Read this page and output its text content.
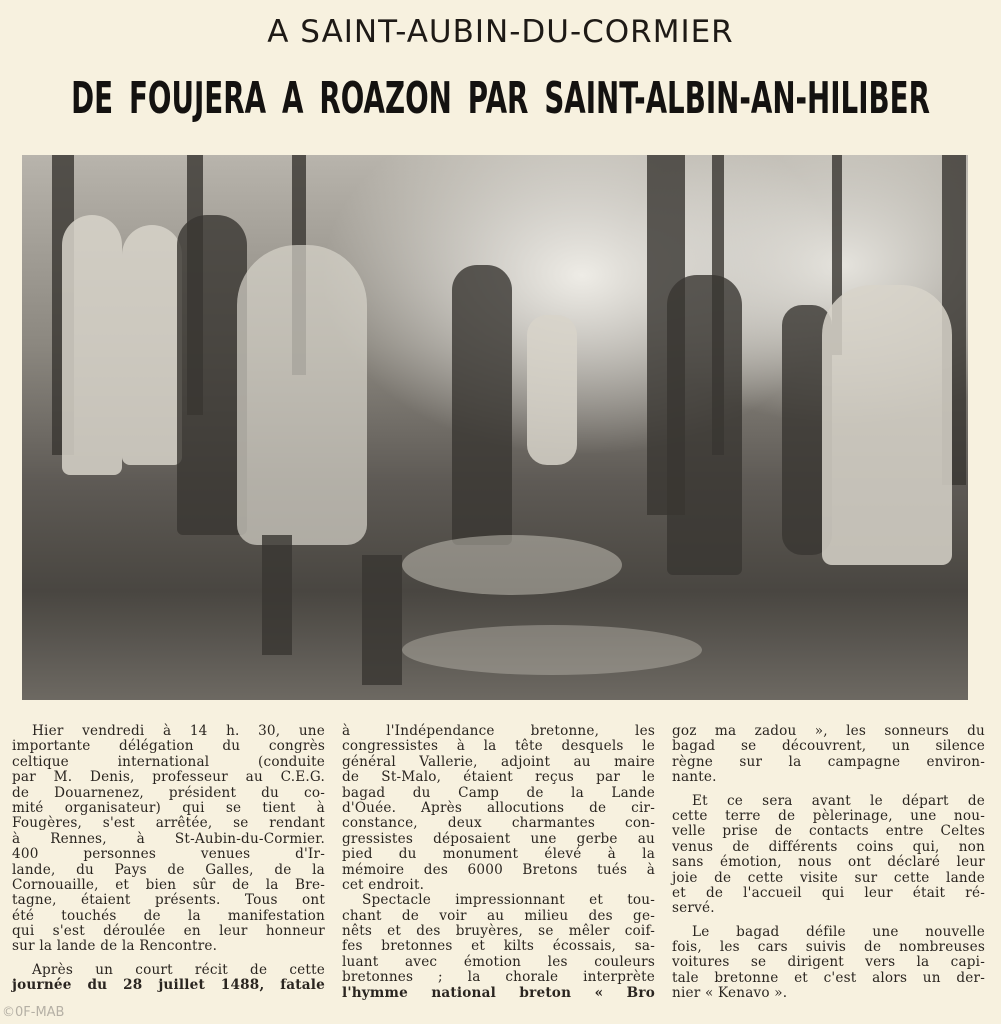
A SAINT-AUBIN-DU-CORMIER
DE FOUJERA A ROAZON PAR SAINT-ALBIN-AN-HILIBER
Hier vendredi à 14 h. 30, une
importante délégation du congrès
celtique international (conduite
par M. Denis, professeur au C.E.G.
de Douarnenez, président du co-
mité organisateur) qui se tient à
Fougères, s'est arrêtée, se rendant
à Rennes, à St-Aubin-du-Cormier.
400 personnes venues d'Ir-
lande, du Pays de Galles, de la
Cornouaille, et bien sûr de la Bre-
tagne, étaient présents. Tous ont
été touchés de la manifestation
qui s'est déroulée en leur honneur
sur la lande de la Rencontre.
Après un court récit de cette
journée du 28 juillet 1488, fatale
à l'Indépendance bretonne, les
congressistes à la tête desquels le
général Vallerie, adjoint au maire
de St-Malo, étaient reçus par le
bagad du Camp de la Lande
d'Ouée. Après allocutions de cir-
constance, deux charmantes con-
gressistes déposaient une gerbe au
pied du monument élevé à la
mémoire des 6000 Bretons tués à
cet endroit.
Spectacle impressionnant et tou-
chant de voir au milieu des ge-
nêts et des bruyères, se mêler coif-
fes bretonnes et kilts écossais, sa-
luant avec émotion les couleurs
bretonnes ; la chorale interprète
l'hymme national breton « Bro
goz ma zadou », les sonneurs du
bagad se découvrent, un silence
règne sur la campagne environ-
nante.
Et ce sera avant le départ de
cette terre de pèlerinage, une nou-
velle prise de contacts entre Celtes
venus de différents coins qui, non
sans émotion, nous ont déclaré leur
joie de cette visite sur cette lande
et de l'accueil qui leur était ré-
servé.
Le bagad défile une nouvelle
fois, les cars suivis de nombreuses
voitures se dirigent vers la capi-
tale bretonne et c'est alors un der-
nier « Kenavo ».
©0F-MAB
